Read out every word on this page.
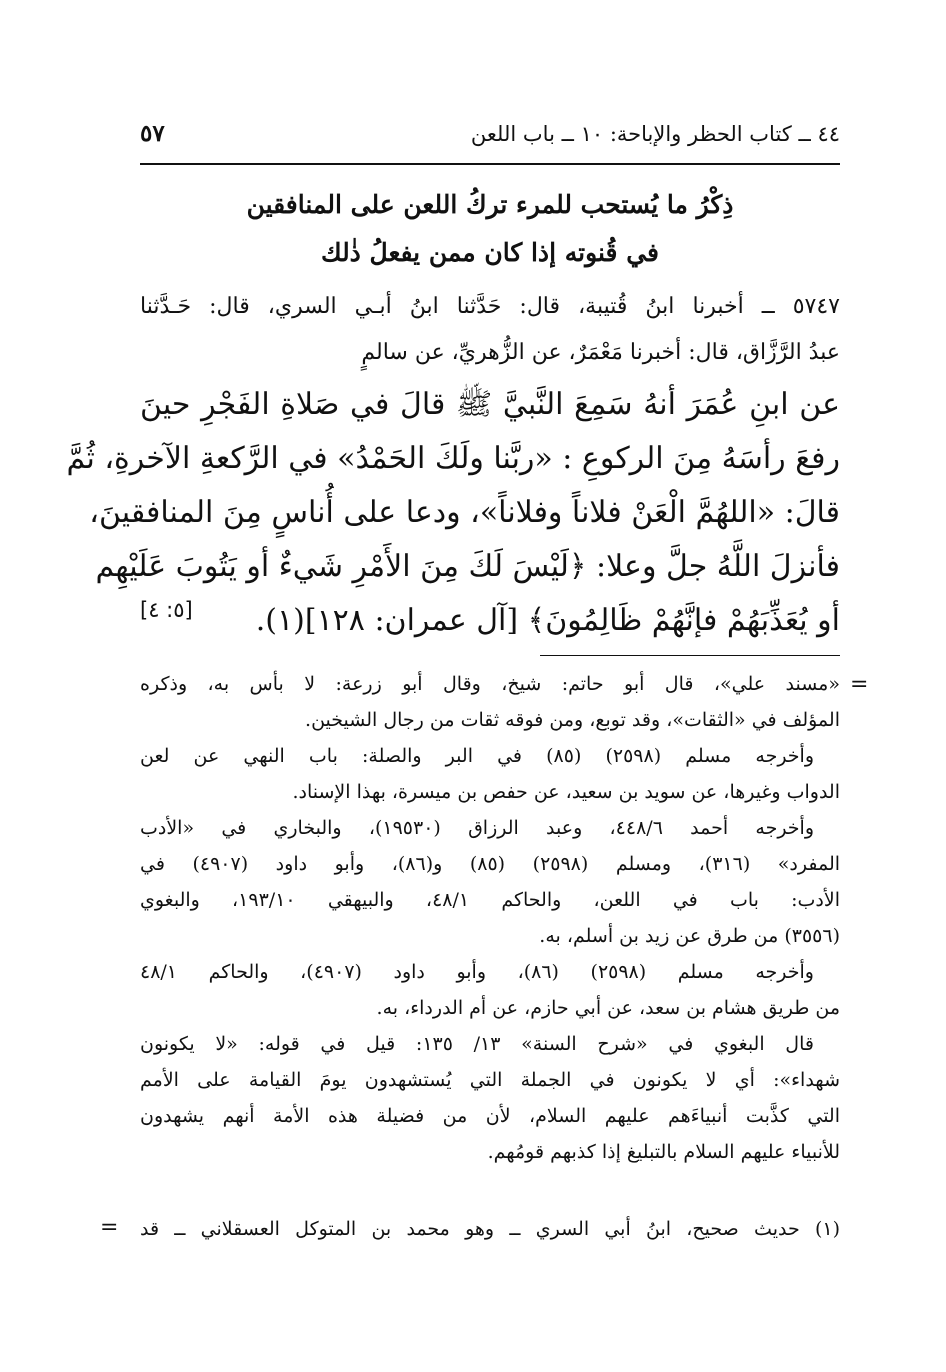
٤٤ ــ كتاب الحظر والإباحة: ١٠ ــ باب اللعن
٥٧
ذِكْرُ ما يُستحب للمرء تركُ اللعن على المنافقين
في قُنوته إذا كان ممن يفعلُ ذٰلك
٥٧٤٧ ــ أخبرنا ابنُ قُتيبة، قال: حَدَّثنا ابنُ أبـي السري، قال: حَـدَّثنا
عبدُ الرَّزَّاق، قال: أخبرنا مَعْمَرٌ، عن الزُّهريِّ، عن سالمٍ
عن ابنِ عُمَرَ أنهُ سَمِعَ النَّبيَّ ﷺ قالَ في صَلاةِ الفَجْرِ حينَ
رفعَ رأسَهُ مِنَ الركوعِ : «ربَّنا ولَكَ الحَمْدُ» في الرَّكعةِ الآخرةِ، ثُمَّ
قالَ: «اللهُمَّ الْعَنْ فلاناً وفلاناً»، ودعا على أُناسٍ مِنَ المنافقينَ،
فأنزلَ اللَّهُ جلَّ وعلا: ﴿لَيْسَ لَكَ مِنَ الأَمْرِ شَيءٌ أو يَتُوبَ عَلَيْهِم
أو يُعَذِّبَهُمْ فإنَّهُمْ ظَالِمُونَ﴾ [آل عمران: ١٢٨](١).
[٥: ٤]
=
«مسند علي»، قال أبو حاتم: شيخ، وقال أبو زرعة: لا بأس به، وذكره
المؤلف في «الثقات»، وقد توبع، ومن فوقه ثقات من رجال الشيخين.
وأخرجه مسلم (٢٥٩٨) (٨٥) في البر والصلة: باب النهي عن لعن
الدواب وغيرها، عن سويد بن سعيد، عن حفص بن ميسرة، بهذا الإسناد.
وأخرجه أحمد ٤٤٨/٦، وعبد الرزاق (١٩٥٣٠)، والبخاري في «الأدب
المفرد» (٣١٦)، ومسلم (٢٥٩٨) (٨٥) و(٨٦)، وأبو داود (٤٩٠٧) في
الأدب: باب في اللعن، والحاكم ٤٨/١، والبيهقي ١٩٣/١٠، والبغوي
(٣٥٥٦) من طرق عن زيد بن أسلم، به.
وأخرجه مسلم (٢٥٩٨) (٨٦)، وأبو داود (٤٩٠٧)، والحاكم ٤٨/١
من طريق هشام بن سعد، عن أبي حازم، عن أم الدرداء، به.
قال البغوي في «شرح السنة» ١٣/ ١٣٥: قيل في قوله: «لا يكونون
شهداء»: أي لا يكونون في الجملة التي يُستشهدون يومَ القيامة على الأمم
التي كذَّبت أنبياءَهم عليهم السلام، لأن من فضيلة هذه الأمة أنهم يشهدون
للأنبياء عليهم السلام بالتبليغ إذا كذبهم قومُهم.
(١) حديث صحيح، ابنُ أبي السري ــ وهو محمد بن المتوكل العسقلاني ــ قد
=
